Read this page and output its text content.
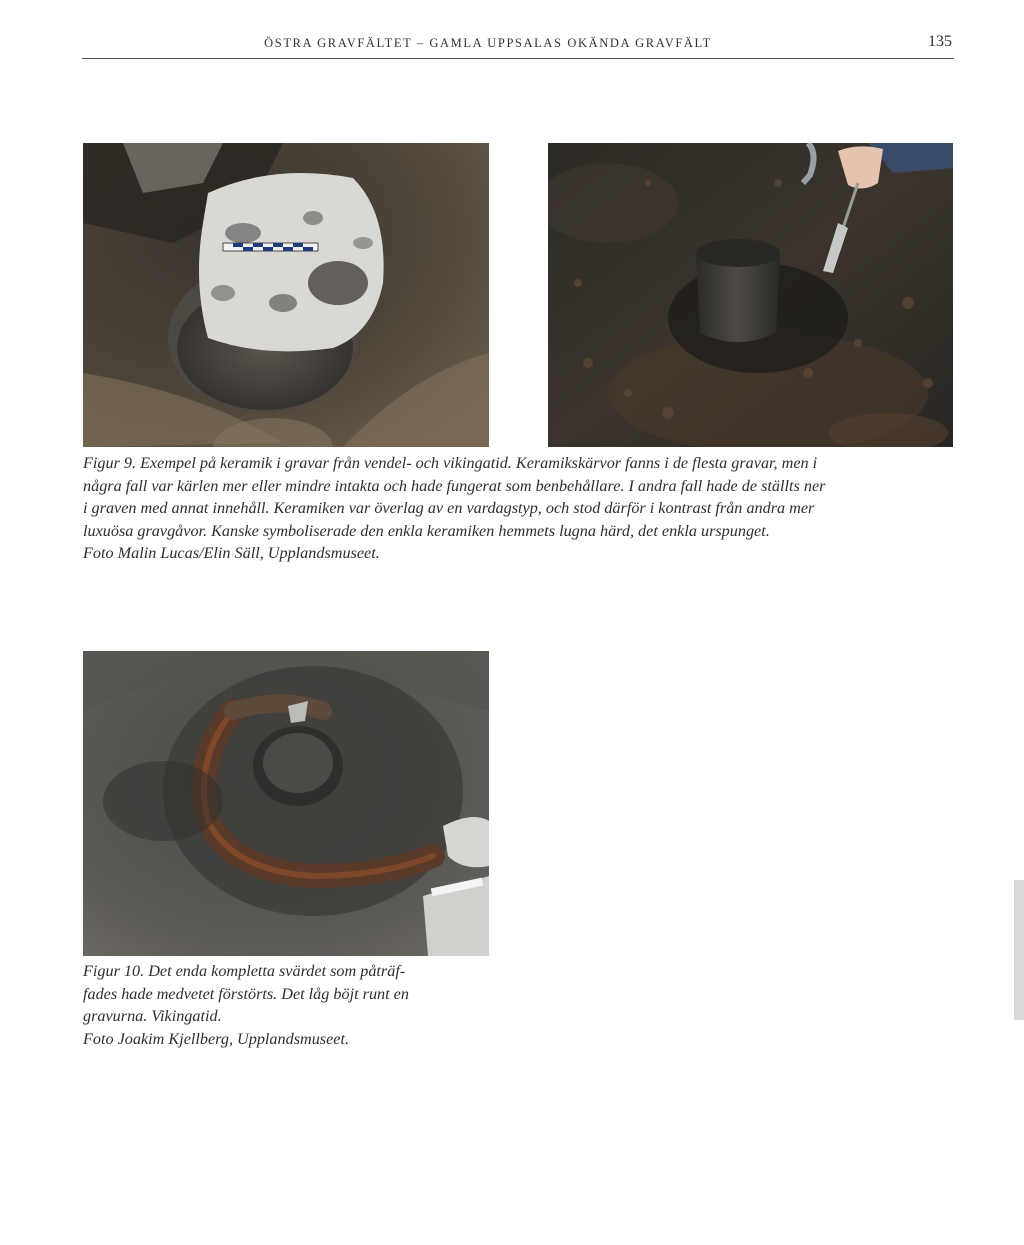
ÖSTRA GRAVFÄLTET – GAMLA UPPSALAS OKÄNDA GRAVFÄLT	135
Figur 9. Exempel på keramik i gravar från vendel- och vikingatid. Keramikskärvor fanns i de flesta gravar, men i
några fall var kärlen mer eller mindre intakta och hade fungerat som benbehållare. I andra fall hade de ställts ner
i graven med annat innehåll. Keramiken var överlag av en vardagstyp, och stod därför i kontrast från andra mer
luxuösa gravgåvor. Kanske symboliserade den enkla keramiken hemmets lugna härd, det enkla urspunget.
Foto Malin Lucas/Elin Säll, Upplandsmuseet.
Figur 10. Det enda kompletta svärdet som påträf-
fades hade medvetet förstörts. Det låg böjt runt en
gravurna. Vikingatid.
Foto Joakim Kjellberg, Upplandsmuseet.
